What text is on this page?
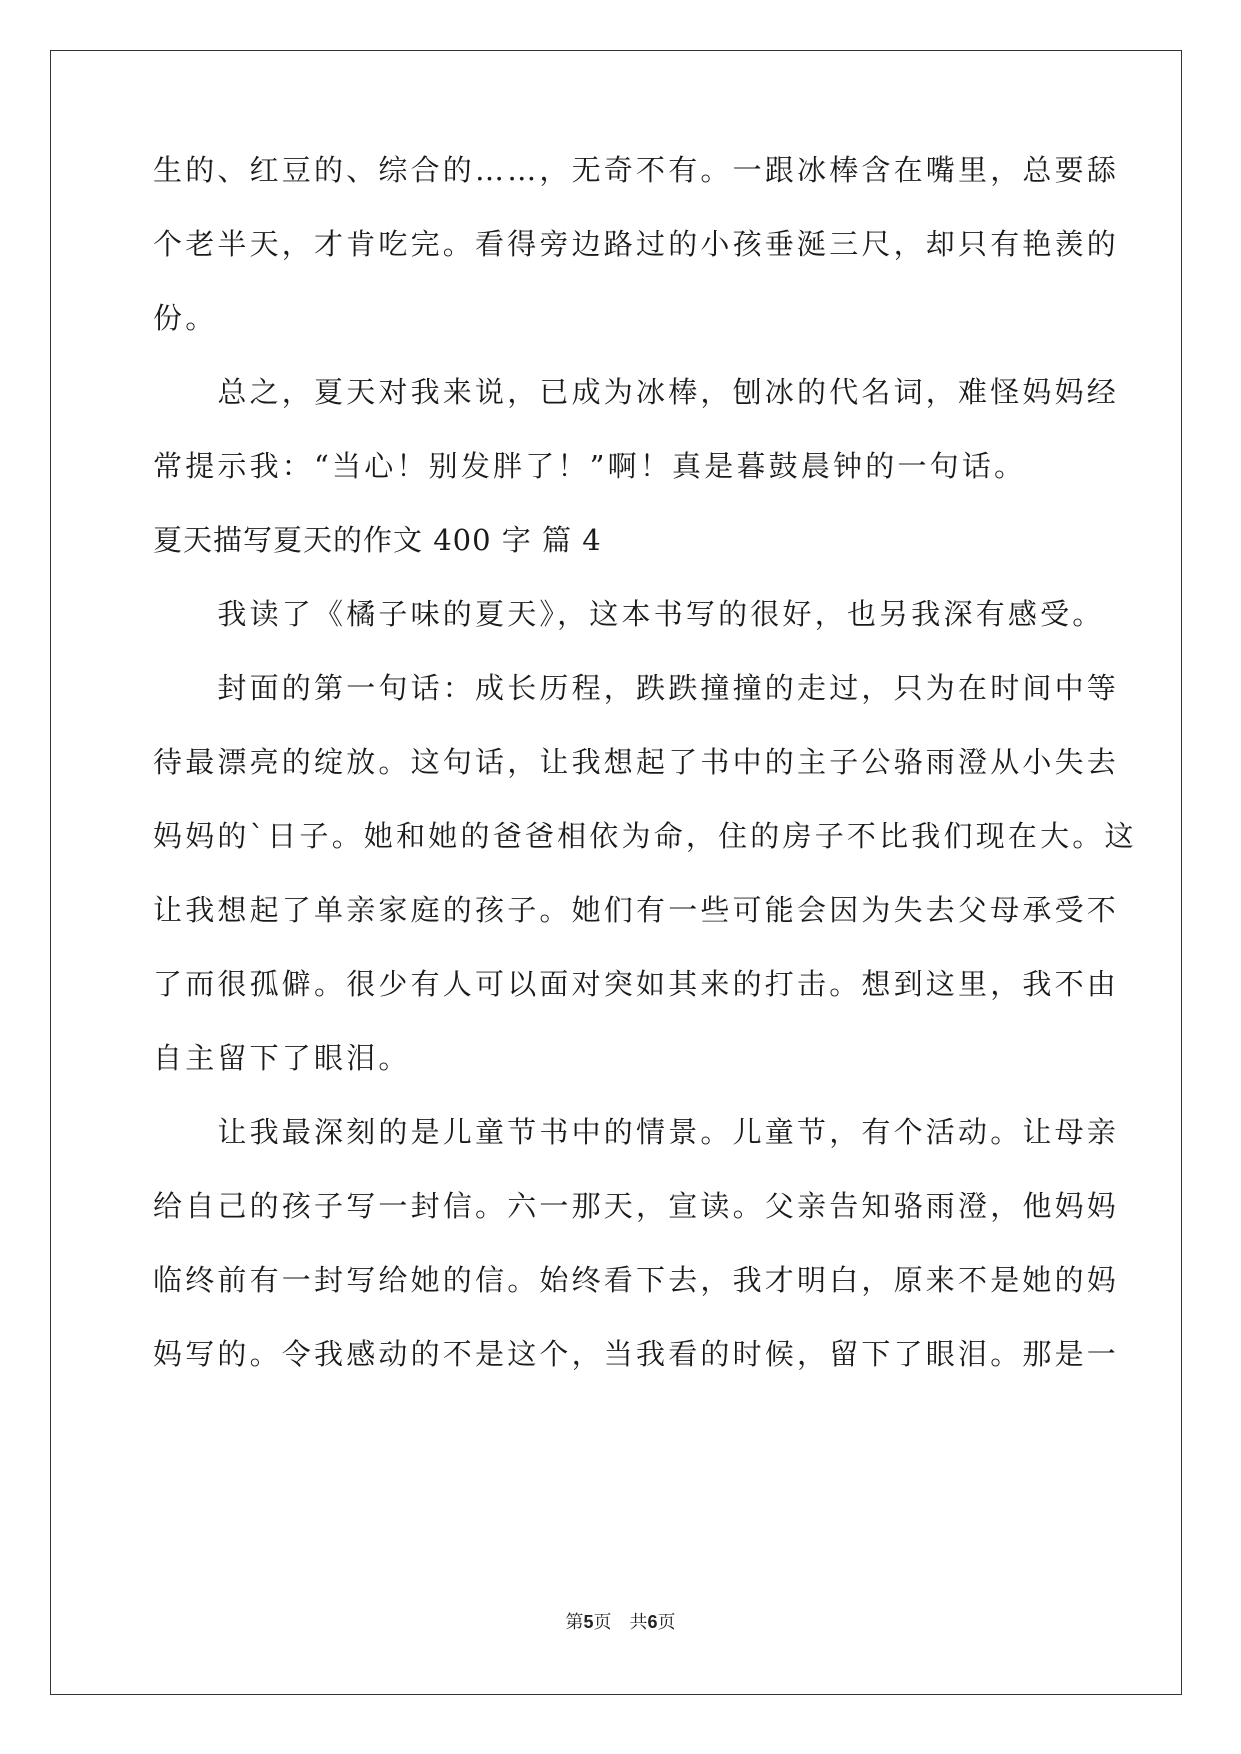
生的、红豆的、综合的……，无奇不有。一跟冰棒含在嘴里，总要舔
个老半天，才肯吃完。看得旁边路过的小孩垂涎三尺，却只有艳羡的
份。
　　总之，夏天对我来说，已成为冰棒，刨冰的代名词，难怪妈妈经
常提示我：“当心！别发胖了！”啊！真是暮鼓晨钟的一句话。
夏天描写夏天的作文 400 字 篇 4
　　我读了《橘子味的夏天》，这本书写的很好，也另我深有感受。
　　封面的第一句话：成长历程，跌跌撞撞的走过，只为在时间中等
待最漂亮的绽放。这句话，让我想起了书中的主子公骆雨澄从小失去
妈妈的`日子。她和她的爸爸相依为命，住的房子不比我们现在大。这
让我想起了单亲家庭的孩子。她们有一些可能会因为失去父母承受不
了而很孤僻。很少有人可以面对突如其来的打击。想到这里，我不由
自主留下了眼泪。
　　让我最深刻的是儿童节书中的情景。儿童节，有个活动。让母亲
给自己的孩子写一封信。六一那天，宣读。父亲告知骆雨澄，他妈妈
临终前有一封写给她的信。始终看下去，我才明白，原来不是她的妈
妈写的。令我感动的不是这个，当我看的时候，留下了眼泪。那是一
第5页 共6页
